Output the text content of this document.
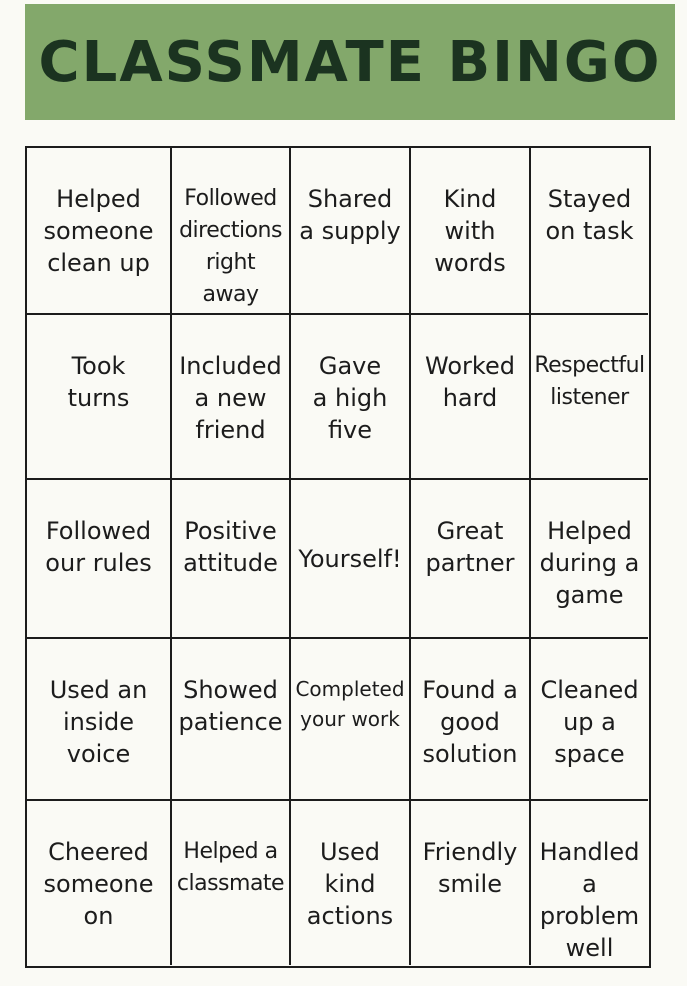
CLASSMATE BINGO
Helped
someone
clean up
Followed
directions
right away
Shared
a supply
Kind
with
words
Stayed
on task
Took
turns
Included
a new
friend
Gave
a high
five
Worked
hard
Respectful
listener
Followed
our rules
Positive
attitude Yourself!
Great
partner
Helped
during a
game
Used an
inside
voice
Showed
patience
Completed
your work
Found a
good
solution
Cleaned
up a
space
Cheered
someone
on
Helped a
classmate
Used
kind
actions
Friendly
smile
Handled
a problem
well
